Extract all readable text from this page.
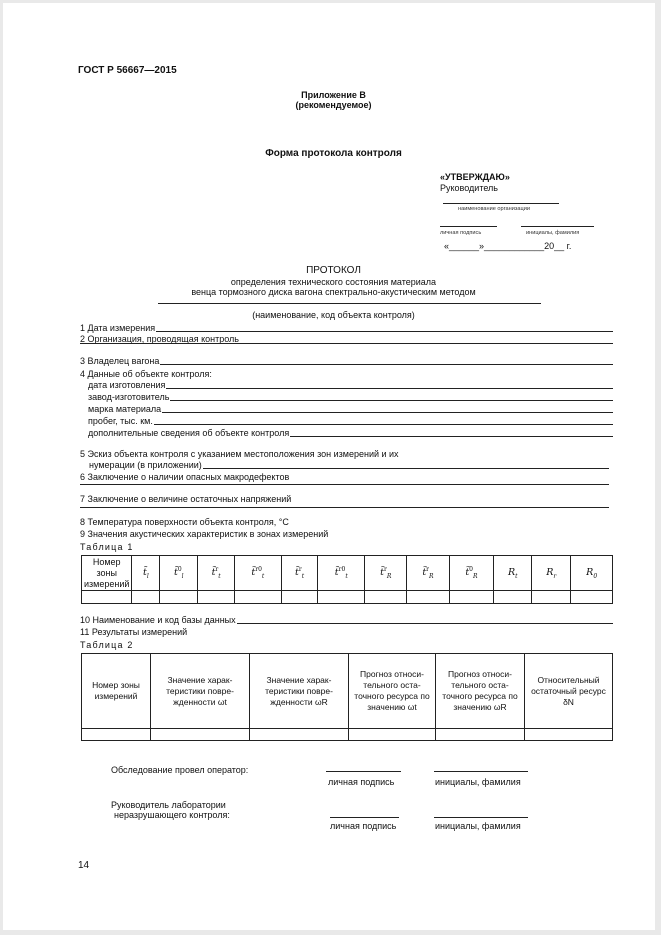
ГОСТ Р 56667—2015
Приложение В
(рекомендуемое)
Форма протокола контроля
«УТВЕРЖДАЮ»
Руководитель
наименование организации
личная подпись	инициалы, фамилия
«______»____________20__ г.
ПРОТОКОЛ
определения технического состояния материала
венца тормозного диска вагона спектрально-акустическим методом
(наименование, код объекта контроля)
1 Дата измерения
2 Организация, проводящая контроль
3 Владелец вагона
4 Данные об объекте контроля:
дата изготовления
завод-изготовитель
марка материала
пробег, тыс. км.
дополнительные сведения об объекте контроля
5 Эскиз объекта контроля с указанием местоположения зон измерений и их
нумерации (в приложении)
6 Заключение о наличии опасных макродефектов
7 Заключение о величине остаточных напряжений
8 Температура поверхности объекта контроля, °С
9 Значения акустических характеристик в зонах измерений
Таблица 1
Номер зоны измерений	$t̃_l$	t̃$^0_l$	t̃$^r_t$	t̃$^{r0}_t$	t̃$^r_t$	t̃$^{r0}_t$	t̃$^r_R$	t̃$^r_R$	t̃$^0_R$	$R_t$	$R_r$	$R_0$

10 Наименование и код базы данных
11 Результаты измерений
Таблица 2
Номер зоны измерений	Значение харак-теристики повре-жденности ωt	Значение харак-теристики повре-жденности ωR	Прогноз относи-тельного оста-точного ресурса по значению ωt	Прогноз относи-тельного оста-точного ресурса по значению ωR	Относительный остаточный ресурс δN

Обследование провел оператор:
личная подпись	инициалы, фамилия
Руководитель лаборатории
неразрушающего контроля:
личная подпись	инициалы, фамилия
14
